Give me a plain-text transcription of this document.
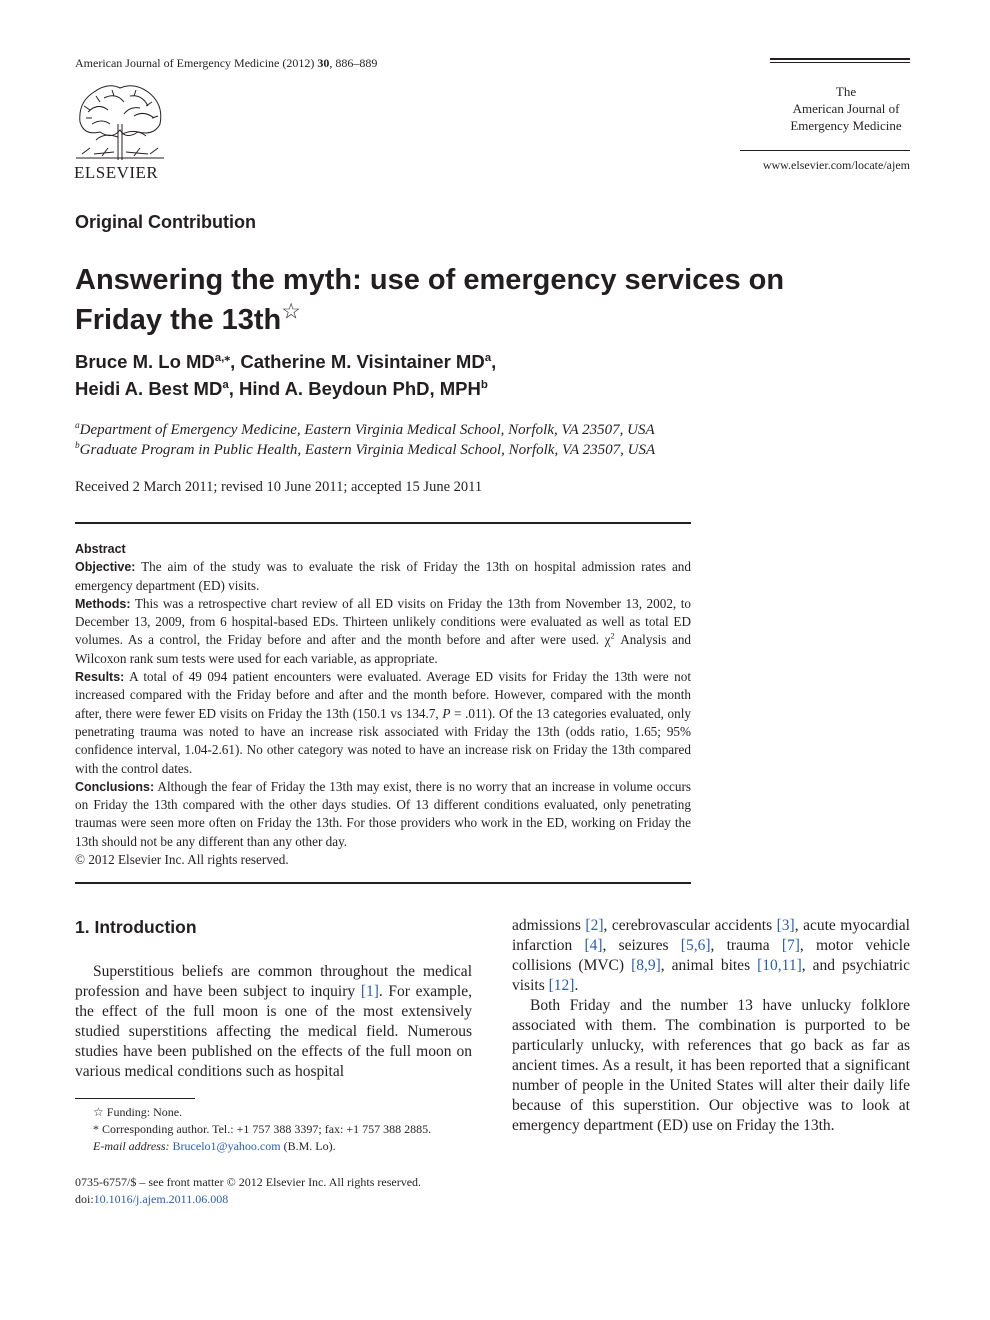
American Journal of Emergency Medicine (2012) 30, 886–889
ELSEVIER
The
American Journal of
Emergency Medicine
www.elsevier.com/locate/ajem
Original Contribution
Answering the myth: use of emergency services on
Friday the 13th☆
Bruce M. Lo $MD^{a,⁎}$, Catherine M. Visintainer $MD^a$,
Heidi A. Best $MD^a$, Hind A. Beydoun PhD, MPH$^b$
$^a$Department of Emergency Medicine, Eastern Virginia Medical School, Norfolk, VA 23507, USA
$^b$Graduate Program in Public Health, Eastern Virginia Medical School, Norfolk, VA 23507, USA
Received 2 March 2011; revised 10 June 2011; accepted 15 June 2011
Abstract
Objective: The aim of the study was to evaluate the risk of Friday the 13th on hospital admission rates and emergency department (ED) visits.
Methods: This was a retrospective chart review of all ED visits on Friday the 13th from November 13, 2002, to December 13, 2009, from 6 hospital-based EDs. Thirteen unlikely conditions were evaluated as well as total ED volumes. As a control, the Friday before and after and the month before and after were used. $\chi^2$ Analysis and Wilcoxon rank sum tests were used for each variable, as appropriate.
Results: A total of 49 094 patient encounters were evaluated. Average ED visits for Friday the 13th were not increased compared with the Friday before and after and the month before. However, compared with the month after, there were fewer ED visits on Friday the 13th (150.1 vs 134.7, P = .011). Of the 13 categories evaluated, only penetrating trauma was noted to have an increase risk associated with Friday the 13th (odds ratio, 1.65; 95% confidence interval, 1.04-2.61). No other category was noted to have an increase risk on Friday the 13th compared with the control dates.
Conclusions: Although the fear of Friday the 13th may exist, there is no worry that an increase in volume occurs on Friday the 13th compared with the other days studies. Of 13 different conditions evaluated, only penetrating traumas were seen more often on Friday the 13th. For those providers who work in the ED, working on Friday the 13th should not be any different than any other day.
© 2012 Elsevier Inc. All rights reserved.
1. Introduction
Superstitious beliefs are common throughout the medical profession and have been subject to inquiry [1]. For example, the effect of the full moon is one of the most extensively studied superstitions affecting the medical field. Numerous studies have been published on the effects of the full moon on various medical conditions such as hospital
admissions [2], cerebrovascular accidents [3], acute myocardial infarction [4], seizures [5,6], trauma [7], motor vehicle collisions (MVC) [8,9], animal bites [10,11], and psychiatric visits [12].
Both Friday and the number 13 have unlucky folklore associated with them. The combination is purported to be particularly unlucky, with references that go back as far as ancient times. As a result, it has been reported that a significant number of people in the United States will alter their daily life because of this superstition. Our objective was to look at emergency department (ED) use on Friday the 13th.
☆ Funding: None.
* Corresponding author. Tel.: +1 757 388 3397; fax: +1 757 388 2885.
E-mail address: Brucelo1@yahoo.com (B.M. Lo).
0735-6757/$ – see front matter © 2012 Elsevier Inc. All rights reserved.
doi:10.1016/j.ajem.2011.06.008
